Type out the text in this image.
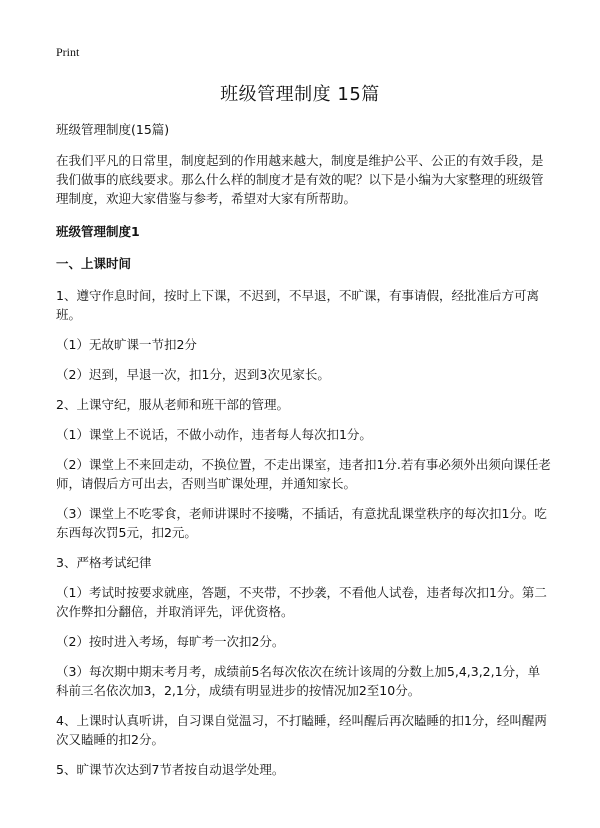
Print
班级管理制度 15篇

班级管理制度(15篇)

在我们平凡的日常里，制度起到的作用越来越大，制度是维护公平、公正的有效手段，是我们做事的底线要求。那么什么样的制度才是有效的呢？以下是小编为大家整理的班级管理制度，欢迎大家借鉴与参考，希望对大家有所帮助。

班级管理制度1

一、上课时间

1、遵守作息时间，按时上下课，不迟到，不早退，不旷课，有事请假，经批准后方可离班。

（1）无故旷课一节扣2分

（2）迟到，早退一次，扣1分，迟到3次见家长。

2、上课守纪，服从老师和班干部的管理。

（1）课堂上不说话，不做小动作，违者每人每次扣1分。

（2）课堂上不来回走动，不换位置，不走出课室，违者扣1分.若有事必须外出须向课任老师，请假后方可出去，否则当旷课处理，并通知家长。

（3）课堂上不吃零食，老师讲课时不接嘴，不插话，有意扰乱课堂秩序的每次扣1分。吃东西每次罚5元，扣2元。

3、严格考试纪律

（1）考试时按要求就座，答题，不夹带，不抄袭，不看他人试卷，违者每次扣1分。第二次作弊扣分翻倍，并取消评先，评优资格。

（2）按时进入考场，每旷考一次扣2分。

（3）每次期中期末考月考，成绩前5名每次依次在统计该周的分数上加5,4,3,2,1分，单科前三名依次加3，2,1分，成绩有明显进步的按情况加2至10分。

4、上课时认真听讲，自习课自觉温习，不打瞌睡，经叫醒后再次瞌睡的扣1分，经叫醒两次又瞌睡的扣2分。

5、旷课节次达到7节者按自动退学处理。
